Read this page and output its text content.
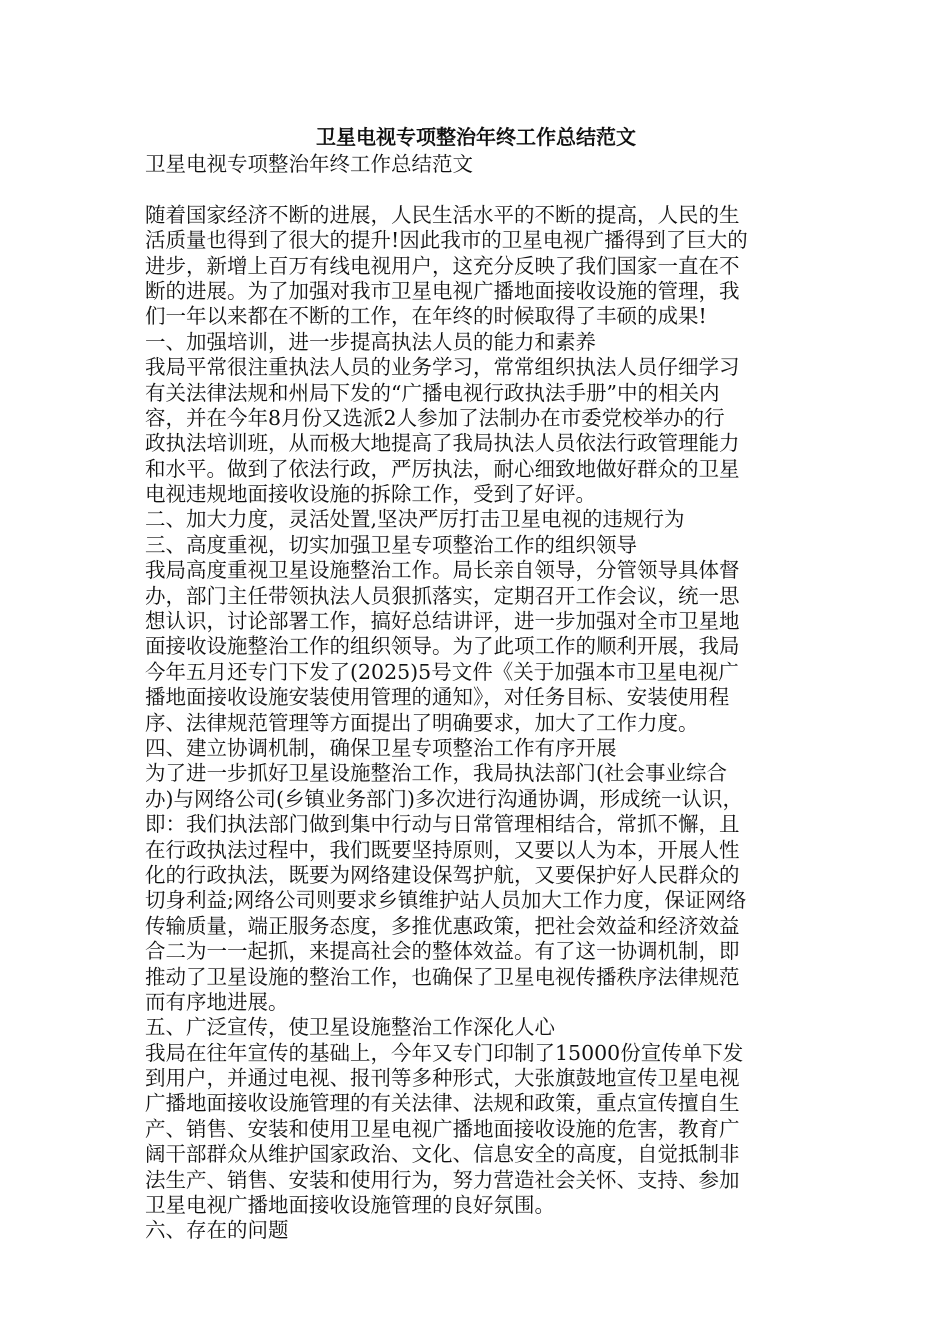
卫星电视专项整治年终工作总结范文
卫星电视专项整治年终工作总结范文
随着国家经济不断的进展，人民生活水平的不断的提高，人民的生
活质量也得到了很大的提升!因此我市的卫星电视广播得到了巨大的
进步，新增上百万有线电视用户，这充分反映了我们国家一直在不
断的进展。为了加强对我市卫星电视广播地面接收设施的管理，我
们一年以来都在不断的工作，在年终的时候取得了丰硕的成果!
一、加强培训，进一步提高执法人员的能力和素养
我局平常很注重执法人员的业务学习，常常组织执法人员仔细学习
有关法律法规和州局下发的“广播电视行政执法手册”中的相关内
容，并在今年8月份又选派2人参加了法制办在市委党校举办的行
政执法培训班，从而极大地提高了我局执法人员依法行政管理能力
和水平。做到了依法行政，严厉执法，耐心细致地做好群众的卫星
电视违规地面接收设施的拆除工作，受到了好评。
二、加大力度，灵活处置,坚决严厉打击卫星电视的违规行为
三、高度重视，切实加强卫星专项整治工作的组织领导
我局高度重视卫星设施整治工作。局长亲自领导，分管领导具体督
办，部门主任带领执法人员狠抓落实，定期召开工作会议，统一思
想认识，讨论部署工作，搞好总结讲评，进一步加强对全市卫星地
面接收设施整治工作的组织领导。为了此项工作的顺利开展，我局
今年五月还专门下发了(2025)5号文件《关于加强本市卫星电视广
播地面接收设施安装使用管理的通知》，对任务目标、安装使用程
序、法律规范管理等方面提出了明确要求，加大了工作力度。
四、建立协调机制，确保卫星专项整治工作有序开展
为了进一步抓好卫星设施整治工作，我局执法部门(社会事业综合
办)与网络公司(乡镇业务部门)多次进行沟通协调，形成统一认识，
即：我们执法部门做到集中行动与日常管理相结合，常抓不懈，且
在行政执法过程中，我们既要坚持原则，又要以人为本，开展人性
化的行政执法，既要为网络建设保驾护航，又要保护好人民群众的
切身利益;网络公司则要求乡镇维护站人员加大工作力度，保证网络
传输质量，端正服务态度，多推优惠政策，把社会效益和经济效益
合二为一一起抓，来提高社会的整体效益。有了这一协调机制，即
推动了卫星设施的整治工作，也确保了卫星电视传播秩序法律规范
而有序地进展。
五、广泛宣传，使卫星设施整治工作深化人心
我局在往年宣传的基础上，今年又专门印制了15000份宣传单下发
到用户，并通过电视、报刊等多种形式，大张旗鼓地宣传卫星电视
广播地面接收设施管理的有关法律、法规和政策，重点宣传擅自生
产、销售、安装和使用卫星电视广播地面接收设施的危害，教育广
阔干部群众从维护国家政治、文化、信息安全的高度，自觉抵制非
法生产、销售、安装和使用行为，努力营造社会关怀、支持、参加
卫星电视广播地面接收设施管理的良好氛围。
六、存在的问题
